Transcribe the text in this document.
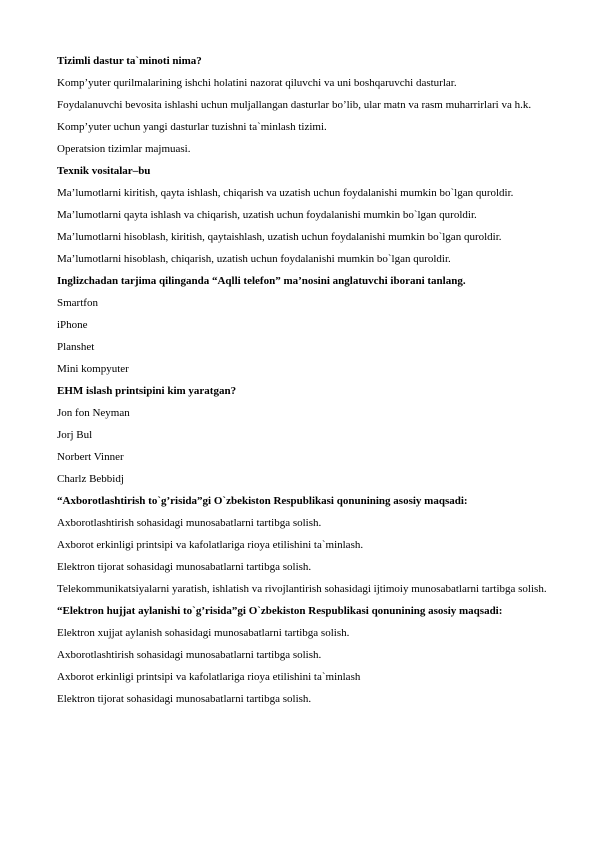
Tizimli dastur ta`minoti nima?

Komp’yuter qurilmalarining ishchi holatini nazorat qiluvchi va uni boshqaruvchi dasturlar.

Foydalanuvchi bevosita ishlashi uchun muljallangan dasturlar bo’lib, ular matn va rasm muharrirlari va h.k.

Komp’yuter uchun yangi dasturlar tuzishni ta`minlash tizimi.

Operatsion tizimlar majmuasi.

Texnik vositalar–bu

Ma’lumotlarni kiritish, qayta ishlash, chiqarish va uzatish uchun foydalanishi mumkin bo`lgan quroldir.

Ma’lumotlarni qayta ishlash va chiqarish, uzatish uchun foydalanishi mumkin bo`lgan quroldir.

Ma’lumotlarni hisoblash, kiritish, qaytaishlash, uzatish uchun foydalanishi mumkin bo`lgan quroldir.

Ma’lumotlarni hisoblash, chiqarish, uzatish uchun foydalanishi mumkin bo`lgan quroldir.

Inglizchadan tarjima qilinganda “Aqlli telefon” ma’nosini anglatuvchi iborani tanlang.

Smartfon

iPhone

Planshet

Mini kompyuter

EHM islash printsipini kim yaratgan?

Jon fon Neyman

Jorj Bul

Norbert Vinner

Charlz Bebbidj

“Axborotlashtirish to`g’risida”gi O`zbekiston Respublikasi qonunining asosiy maqsadi:

Axborotlashtirish sohasidagi munosabatlarni tartibga solish.

Axborot erkinligi printsipi va kafolatlariga rioya etilishini ta`minlash.

Elektron tijorat sohasidagi munosabatlarni tartibga solish.

Telekommunikatsiyalarni yaratish, ishlatish va rivojlantirish sohasidagi ijtimoiy munosabatlarni tartibga solish.

“Elektron hujjat aylanishi to`g’risida”gi O`zbekiston Respublikasi qonunining asosiy maqsadi:

Elektron xujjat aylanish sohasidagi munosabatlarni tartibga solish.

Axborotlashtirish sohasidagi munosabatlarni tartibga solish.

Axborot erkinligi printsipi va kafolatlariga rioya etilishini ta`minlash

Elektron tijorat sohasidagi munosabatlarni tartibga solish.
